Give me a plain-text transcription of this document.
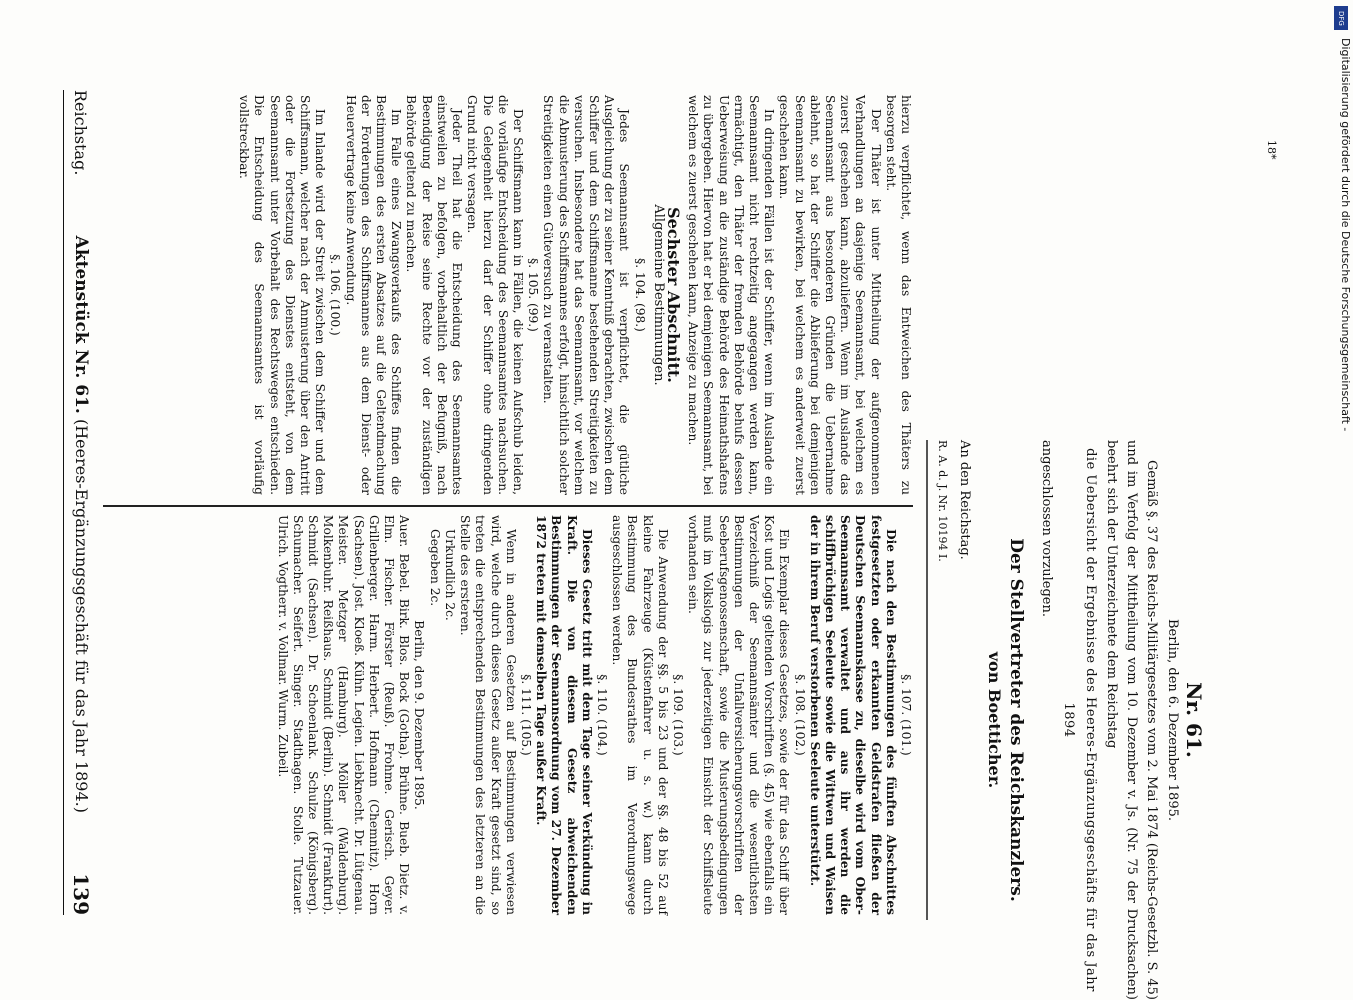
Reichstag.
Aktenstück Nr. 61. (Heeres-Ergänzungsgeschäft für das Jahr 1894.)
139

hierzu verpflichtet, wenn das Entweichen des Thäters zu besorgen steht.

Der Thäter ist unter Mittheilung der aufgenommenen Verhandlungen an dasjenige Seemannsamt, bei welchem es zuerst geschehen kann, abzuliefern. Wenn im Auslande das Seemannsamt aus besonderen Gründen die Uebernahme ablehnt, so hat der Schiffer die Ablieferung bei demjenigen Seemannsamt zu bewirken, bei welchem es anderweit zuerst geschehen kann.

In dringenden Fällen ist der Schiffer, wenn im Auslande ein Seemannsamt nicht rechtzeitig angegangen werden kann, ermächtigt, den Thäter der fremden Behörde behufs dessen Ueberweisung an die zuständige Behörde des Heimathshafens zu übergeben. Hiervon hat er bei demjenigen Seemannsamt, bei welchem es zuerst geschehen kann, Anzeige zu machen.

Sechster Abschnitt.
Allgemeine Bestimmungen.

§. 104. (98.)

Jedes Seemannsamt ist verpflichtet, die gütliche Ausgleichung der zu seiner Kenntniß gebrachten, zwischen dem Schiffer und dem Schiffsmanne bestehenden Streitigkeiten zu versuchen. Insbesondere hat das Seemannsamt, vor welchem die Abmusterung des Schiffsmannes erfolgt, hinsichtlich solcher Streitigkeiten einen Güteversuch zu veranstalten.

§. 105. (99.)

Der Schiffsmann kann in Fällen, die keinen Aufschub leiden, die vorläufige Entscheidung des Seemannsamtes nachsuchen. Die Gelegenheit hierzu darf der Schiffer ohne dringenden Grund nicht versagen.

Jeder Theil hat die Entscheidung des Seemannsamtes einstweilen zu befolgen, vorbehaltlich der Befugniß, nach Beendigung der Reise seine Rechte vor der zuständigen Behörde geltend zu machen.

Im Falle eines Zwangsverkaufs des Schiffes finden die Bestimmungen des ersten Absatzes auf die Geltendmachung der Forderungen des Schiffsmannes aus dem Dienst- oder Heuervertrage keine Anwendung.

§. 106. (100.)

Im Inlande wird der Streit zwischen dem Schiffer und dem Schiffsmann, welcher nach der Anmusterung über den Antritt oder die Fortsetzung des Dienstes entsteht, von dem Seemannsamt unter Vorbehalt des Rechtsweges entschieden. Die Entscheidung des Seemannsamtes ist vorläufig vollstreckbar.

§. 107. (101.)

Die nach den Bestimmungen des fünften Abschnittes festgesetzten oder erkannten Geldstrafen fließen der Deutschen Seemannskasse zu, dieselbe wird vom Ober-Seemannsamt verwaltet und aus ihr werden die schiffbrüchigen Seeleute sowie die Wittwen und Waisen der in ihrem Beruf verstorbenen Seeleute unterstützt.

§. 108. (102.)

Ein Exemplar dieses Gesetzes, sowie der für das Schiff über Kost und Logis geltenden Vorschriften (§. 45) wie ebenfalls ein Verzeichniß der Seemannsämter und die wesentlichsten Bestimmungen der Unfallversicherungsvorschriften der Seeberufsgenossenschaft, sowie die Musterungsbedingungen muß im Volkslogis zur jederzeitigen Einsicht der Schiffsleute vorhanden sein.

§. 109. (103.)

Die Anwendung der §§. 5 bis 23 und der §§. 48 bis 52 auf kleine Fahrzeuge (Küstenfahrer u. s. w.) kann durch Bestimmung des Bundesrathes im Verordnungswege ausgeschlossen werden.

§. 110. (104.)

Dieses Gesetz tritt mit dem Tage seiner Verkündung in Kraft. Die von diesem Gesetz abweichenden Bestimmungen der Seemannsordnung vom 27. Dezember 1872 treten mit demselben Tage außer Kraft.

§. 111. (105.)

Wenn in anderen Gesetzen auf Bestimmungen verwiesen wird, welche durch dieses Gesetz außer Kraft gesetzt sind, so treten die entsprechenden Bestimmungen des letzteren an die Stelle des ersteren.

Urkundlich 2c.

Gegeben 2c.

Berlin, den 9. Dezember 1895.

Auer. Bebel. Birk. Blos. Bock (Gotha). Brühne. Bueb. Dietz. v. Elm. Fischer. Förster (Reuß). Frohme. Gerisch. Geyer. Grillenberger. Harm. Herbert. Hofmann (Chemnitz). Horn (Sachsen). Jost. Kloeß. Kühn. Legien. Liebknecht. Dr. Lütgenau. Meister. Metzger (Hamburg). Möller (Waldenburg). Molkenbuhr. Reißhaus. Schmidt (Berlin). Schmidt (Frankfurt). Schmidt (Sachsen). Dr. Schoenlank. Schulze (Königsberg). Schumacher. Seifert. Singer. Stadthagen. Stolle. Tutzauer. Ulrich. Vogtherr. v. Vollmar. Wurm. Zubeil.	Nr. 61.
Berlin, den 6. Dezember 1895.
Gemäß §. 37 des Reichs-Militärgesetzes vom 2. Mai 1874 (Reichs-Gesetzbl. S. 45) und im Verfolg der Mittheilung vom 10. Dezember v. Js. (Nr. 75 der Drucksachen) beehrt sich der Unterzeichnete dem Reichstag
die Uebersicht der Ergebnisse des Heeres-Ergänzungsgeschäfts für das Jahr 1894
angeschlossen vorzulegen.
Der Stellvertreter des Reichskanzlers.
von Boetticher.
An den Reichstag.
R. A. d. J. Nr. 10194 I.
18*	Digitalisierung gefördert durch die Deutsche Forschungsgemeinschaft -
DFG
